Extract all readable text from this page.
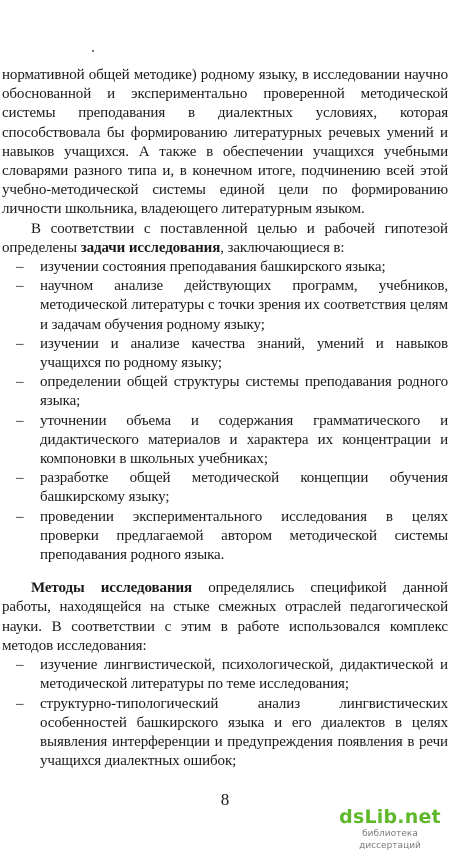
нормативной общей методике) родному языку, в исследовании научно обоснованной и экспериментально проверенной методической системы преподавания в диалектных условиях, которая способствовала бы формированию литературных речевых умений и навыков учащихся. А также в обеспечении учащихся учебными словарями разного типа и, в конечном итоге, подчинению всей этой учебно-методической системы единой цели по формированию личности школьника, владеющего литературным языком.

В соответствии с поставленной целью и рабочей гипотезой определены задачи исследования, заключающиеся в:

– изучении состояния преподавания башкирского языка;
– научном анализе действующих программ, учебников, методической литературы с точки зрения их соответствия целям и задачам обучения родному языку;
– изучении и анализе качества знаний, умений и навыков учащихся по родному языку;
– определении общей структуры системы преподавания родного языка;
– уточнении объема и содержания грамматического и дидактического материалов и характера их концентрации и компоновки в школьных учебниках;
– разработке общей методической концепции обучения башкирскому языку;
– проведении экспериментального исследования в целях проверки предлагаемой автором методической системы преподавания родного языка.

Методы исследования определялись спецификой данной работы, находящейся на стыке смежных отраслей педагогической науки. В соответствии с этим в работе использовался комплекс методов исследования:

– изучение лингвистической, психологической, дидактической и методической литературы по теме исследования;
– структурно-типологический анализ лингвистических особенностей башкирского языка и его диалектов в целях выявления интерференции и предупреждения появления в речи учащихся диалектных ошибок;
8
dsLib.net
библиотека диссертаций
